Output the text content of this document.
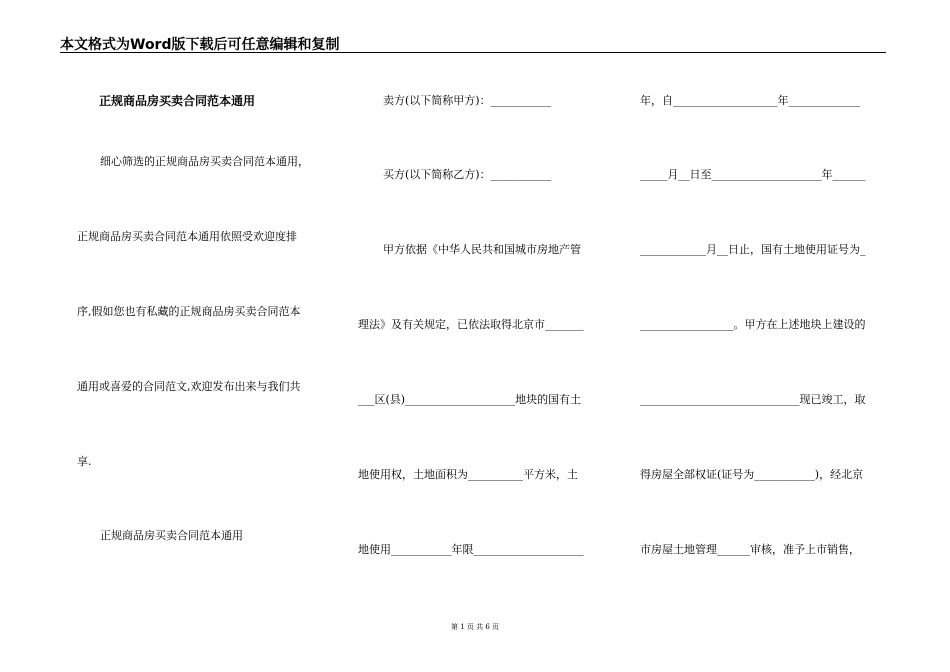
本文格式为Word版下载后可任意编辑和复制
正规商品房买卖合同范本通用
细心筛选的正规商品房买卖合同范本通用，
正规商品房买卖合同范本通用依照受欢迎度排
序,假如您也有私藏的正规商品房买卖合同范本
通用或喜爱的合同范文,欢迎发布出来与我们共
享.
正规商品房买卖合同范本通用
卖方(以下简称甲方)：___________
买方(以下简称乙方)：___________
甲方依据《中华人民共和国城市房地产管
理法》及有关规定，已依法取得北京市_______
___区(县)____________________地块的国有土
地使用权，土地面积为__________平方米，土
地使用___________年限____________________
年，自___________________年_____________
_____月__日至____________________年______
____________月__日止，国有土地使用证号为_
_________________。甲方在上述地块上建设的
_____________________________现已竣工，取
得房屋全部权证(证号为___________)，经北京
市房屋土地管理______审核，准予上市销售，
第 1 页 共 6 页
